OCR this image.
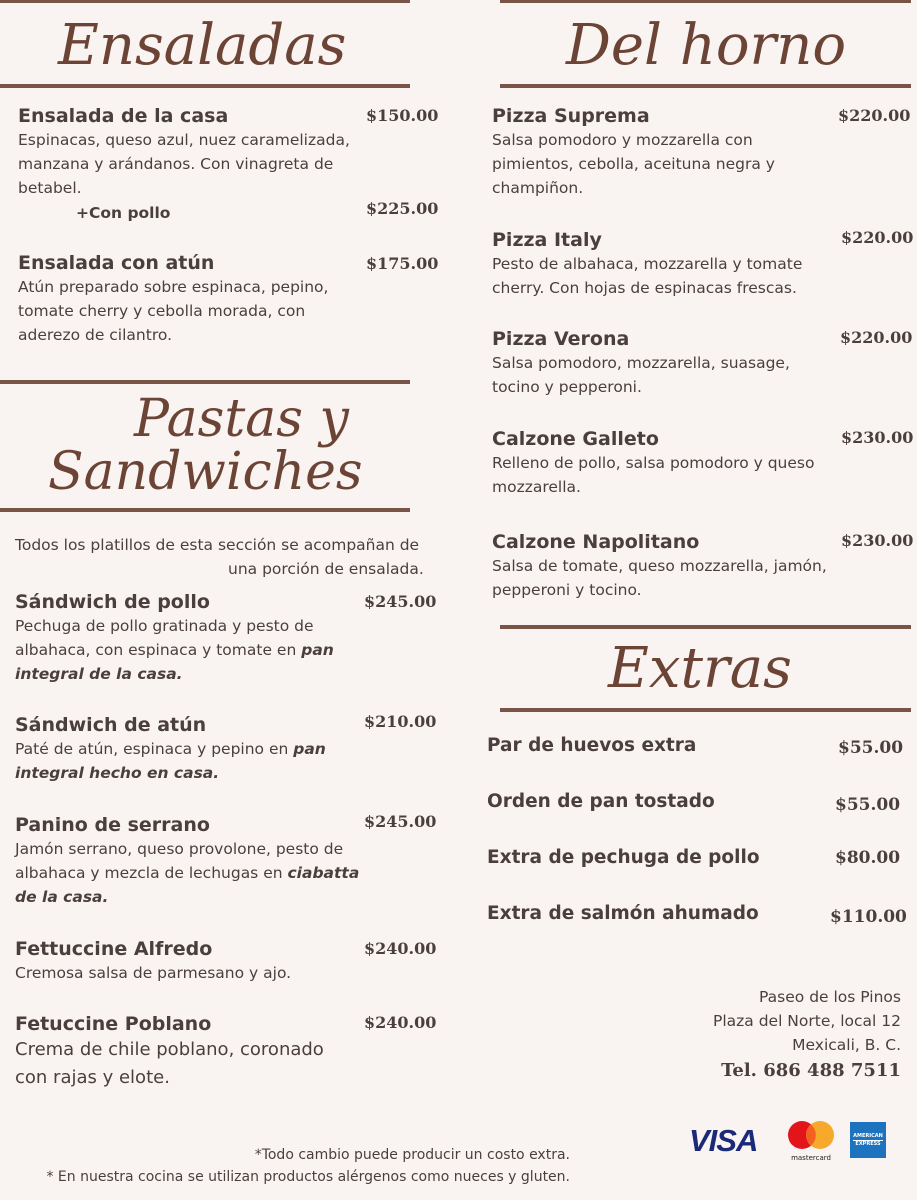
Ensaladas
Ensalada de la casa
Espinacas, queso azul, nuez caramelizada, manzana y arándanos. Con vinagreta de betabel.
$150.00
+Con pollo	$225.00
Ensalada con atún
Atún preparado sobre espinaca, pepino, tomate cherry y cebolla morada, con aderezo de cilantro.
$175.00
Pastas y
Sandwiches
Todos los platillos de esta sección se acompañan de
una porción de ensalada.
Sándwich de pollo
Pechuga de pollo gratinada y pesto de albahaca, con espinaca y tomate en pan integral de la casa.
$245.00
Sándwich de atún
Paté de atún, espinaca y pepino en pan integral hecho en casa.
$210.00
Panino de serrano
Jamón serrano, queso provolone, pesto de albahaca y mezcla de lechugas en ciabatta de la casa.
$245.00
Fettuccine Alfredo
Cremosa salsa de parmesano y ajo.
$240.00
Fetuccine Poblano
Crema de chile poblano, coronado con rajas y elote.
$240.00
Del horno
Pizza Suprema
Salsa pomodoro y mozzarella con pimientos, cebolla, aceituna negra y champiñon.
$220.00
Pizza Italy
Pesto de albahaca, mozzarella y tomate cherry. Con hojas de espinacas frescas.
$220.00
Pizza Verona
Salsa pomodoro, mozzarella, suasage, tocino y pepperoni.
$220.00
Calzone Galleto
Relleno de pollo, salsa pomodoro y queso mozzarella.
$230.00
Calzone Napolitano
Salsa de tomate, queso mozzarella, jamón, pepperoni y tocino.
$230.00
Extras
Par de huevos extra	$55.00
Orden de pan tostado	$55.00
Extra de pechuga de pollo	$80.00
Extra de salmón ahumado	$110.00
Paseo de los Pinos
Plaza del Norte, local 12
Mexicali, B. C.
Tel. 686 488 7511
*Todo cambio puede producir un costo extra.
* En nuestra cocina se utilizan productos alérgenos como nueces y gluten.
VISA	mastercard
AMERICAN
EXPRESS
